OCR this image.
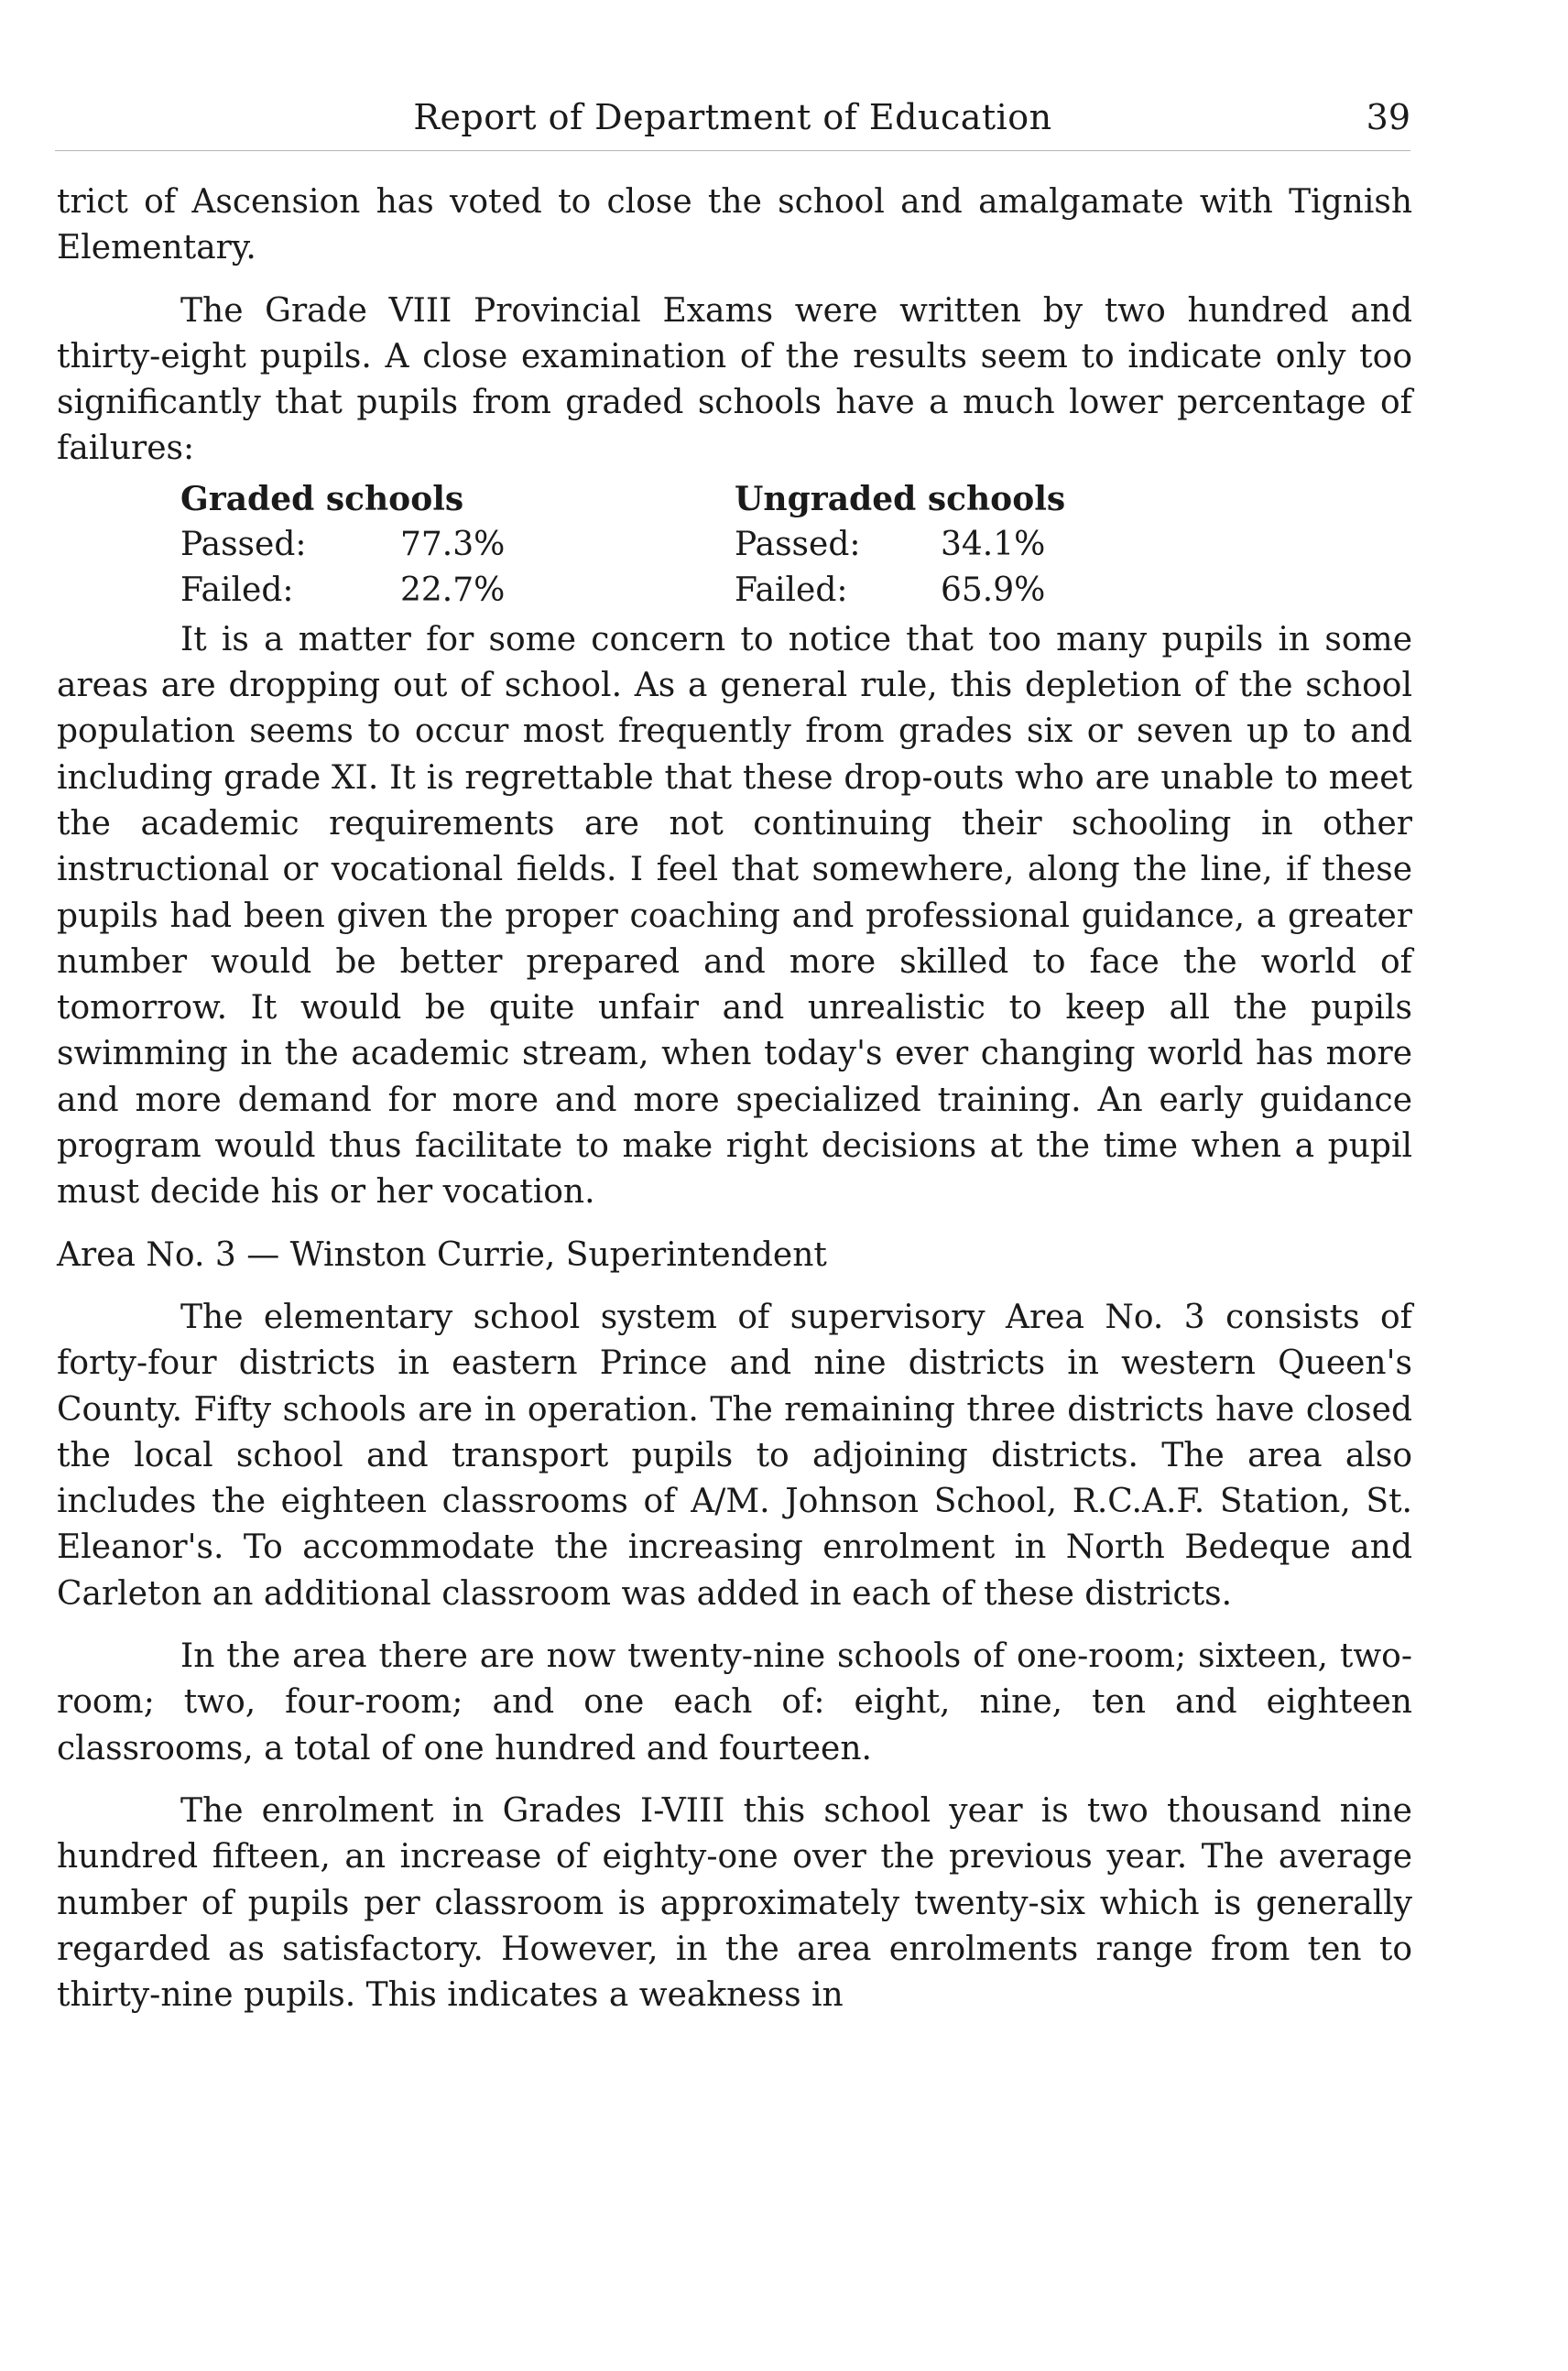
Report of Department of Education	39

trict of Ascension has voted to close the school and amalgamate with Tignish Elementary.

The Grade VIII Provincial Exams were written by two hundred and thirty-eight pupils. A close examination of the results seem to indicate only too significantly that pupils from graded schools have a much lower percentage of failures:

Graded schools
Passed:	77.3%
Failed:	22.7%
Ungraded schools
Passed: 34.1%
Failed:	65.9%

It is a matter for some concern to notice that too many pupils in some areas are dropping out of school. As a general rule, this depletion of the school population seems to occur most frequently from grades six or seven up to and including grade XI. It is regrettable that these drop-outs who are unable to meet the academic requirements are not continuing their schooling in other instructional or vocational fields. I feel that somewhere, along the line, if these pupils had been given the proper coaching and professional guidance, a greater number would be better prepared and more skilled to face the world of tomorrow. It would be quite unfair and unrealistic to keep all the pupils swimming in the academic stream, when today's ever changing world has more and more demand for more and more specialized training. An early guidance program would thus facilitate to make right decisions at the time when a pupil must decide his or her vocation.

Area No. 3 — Winston Currie, Superintendent

The elementary school system of supervisory Area No. 3 consists of forty-four districts in eastern Prince and nine districts in western Queen's County. Fifty schools are in operation. The remaining three districts have closed the local school and transport pupils to adjoining districts. The area also includes the eighteen classrooms of A/M. Johnson School, R.C.A.F. Station, St. Eleanor's. To accommodate the increasing enrolment in North Bedeque and Carleton an additional classroom was added in each of these districts.

In the area there are now twenty-nine schools of one-room; sixteen, two-room; two, four-room; and one each of: eight, nine, ten and eighteen classrooms, a total of one hundred and fourteen.

The enrolment in Grades I-VIII this school year is two thousand nine hundred fifteen, an increase of eighty-one over the previous year. The average number of pupils per classroom is approximately twenty-six which is generally regarded as satisfactory. However, in the area enrolments range from ten to thirty-nine pupils. This indicates a weakness in
